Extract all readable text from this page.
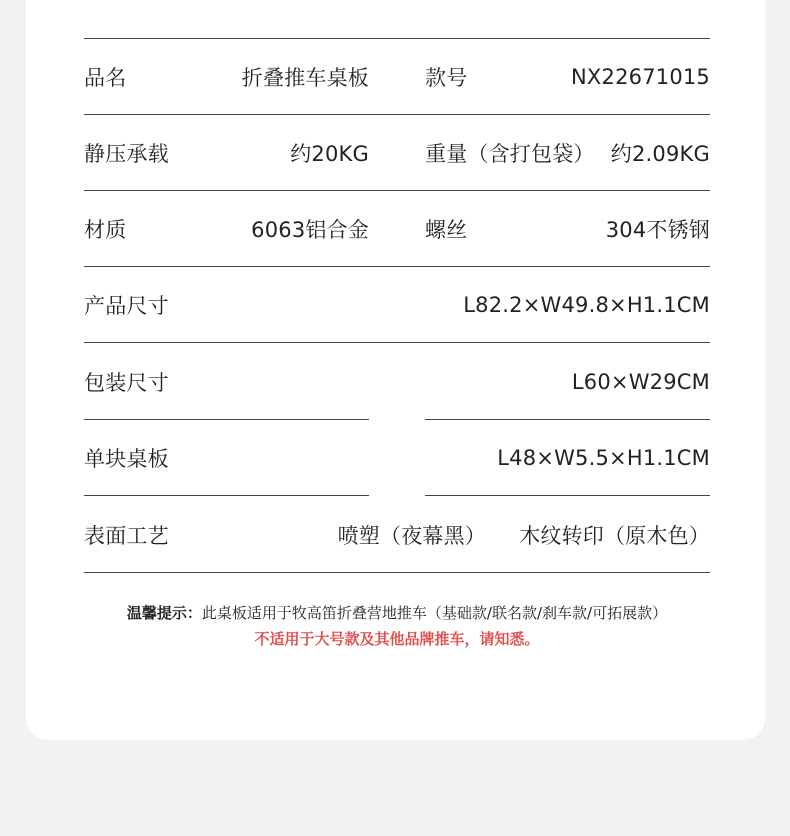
品名	折叠推车桌板	款号	NX22671015
静压承载	约20KG	重量（含打包袋） 约2.09KG
材质	6063铝合金	螺丝	304不锈钢
产品尺寸	L82.2×W49.8×H1.1CM
包装尺寸	L60×W29CM
单块桌板	L48×W5.5×H1.1CM
表面工艺	喷塑（夜幕黑）	木纹转印（原木色）
温馨提示：此桌板适用于牧高笛折叠营地推车（基础款/联名款/刹车款/可拓展款）
不适用于大号款及其他品牌推车，请知悉。
